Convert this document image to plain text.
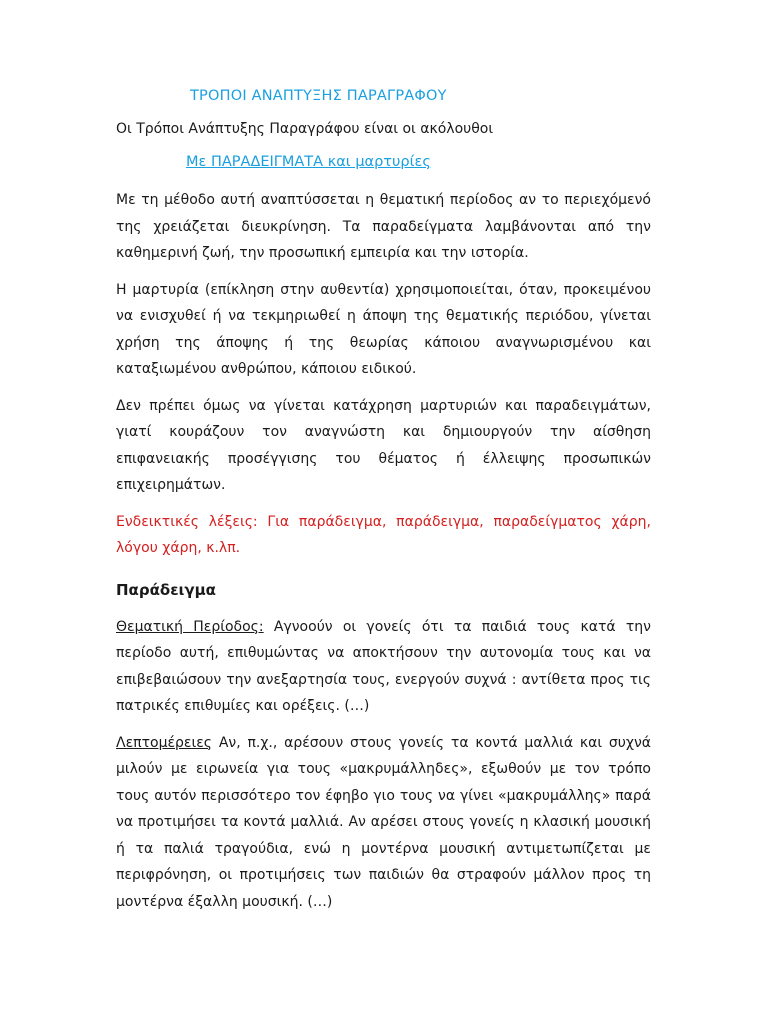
ΤΡΟΠΟΙ ΑΝΑΠΤΥΞΗΣ ΠΑΡΑΓΡΑΦΟΥ

Οι Τρόποι Ανάπτυξης Παραγράφου είναι οι ακόλουθοι

Με ΠΑΡΑΔΕΙΓΜΑΤΑ και μαρτυρίες

Με τη μέθοδο αυτή αναπτύσσεται η θεματική περίοδος αν το περιεχόμενό της χρειάζεται διευκρίνηση. Τα παραδείγματα λαμβάνονται από την καθημερινή ζωή, την προσωπική εμπειρία και την ιστορία.

Η μαρτυρία (επίκληση στην αυθεντία) χρησιμοποιείται, όταν, προκειμένου να ενισχυθεί ή να τεκμηριωθεί η άποψη της θεματικής περιόδου, γίνεται χρήση της άποψης ή της θεωρίας κάποιου αναγνωρισμένου και καταξιωμένου ανθρώπου, κάποιου ειδικού.

Δεν πρέπει όμως να γίνεται κατάχρηση μαρτυριών και παραδειγμάτων, γιατί κουράζουν τον αναγνώστη και δημιουργούν την αίσθηση επιφανειακής προσέγγισης του θέματος ή έλλειψης προσωπικών επιχειρημάτων.

Ενδεικτικές λέξεις: Για παράδειγμα, παράδειγμα, παραδείγματος χάρη, λόγου χάρη, κ.λπ.

Παράδειγμα

Θεματική Περίοδος: Αγνοούν οι γονείς ότι τα παιδιά τους κατά την περίοδο αυτή, επιθυμώντας να αποκτήσουν την αυτονομία τους και να επιβεβαιώσουν την ανεξαρτησία τους, ενεργούν συχνά : αντίθετα προς τις πατρικές επιθυμίες και ορέξεις. (…)

Λεπτομέρειες Αν, π.χ., αρέσουν στους γονείς τα κοντά μαλλιά και συχνά μιλούν με ειρωνεία για τους «μακρυμάλληδες», εξωθούν με τον τρόπο τους αυτόν περισσότερο τον έφηβο γιο τους να γίνει «μακρυμάλλης» παρά να προτιμήσει τα κοντά μαλλιά. Αν αρέσει στους γονείς η κλασική μουσική ή τα παλιά τραγούδια, ενώ η μοντέρνα μουσική αντιμετωπίζεται με περιφρόνηση, οι προτιμήσεις των παιδιών θα στραφούν μάλλον προς τη μοντέρνα έξαλλη μουσική. (…)
